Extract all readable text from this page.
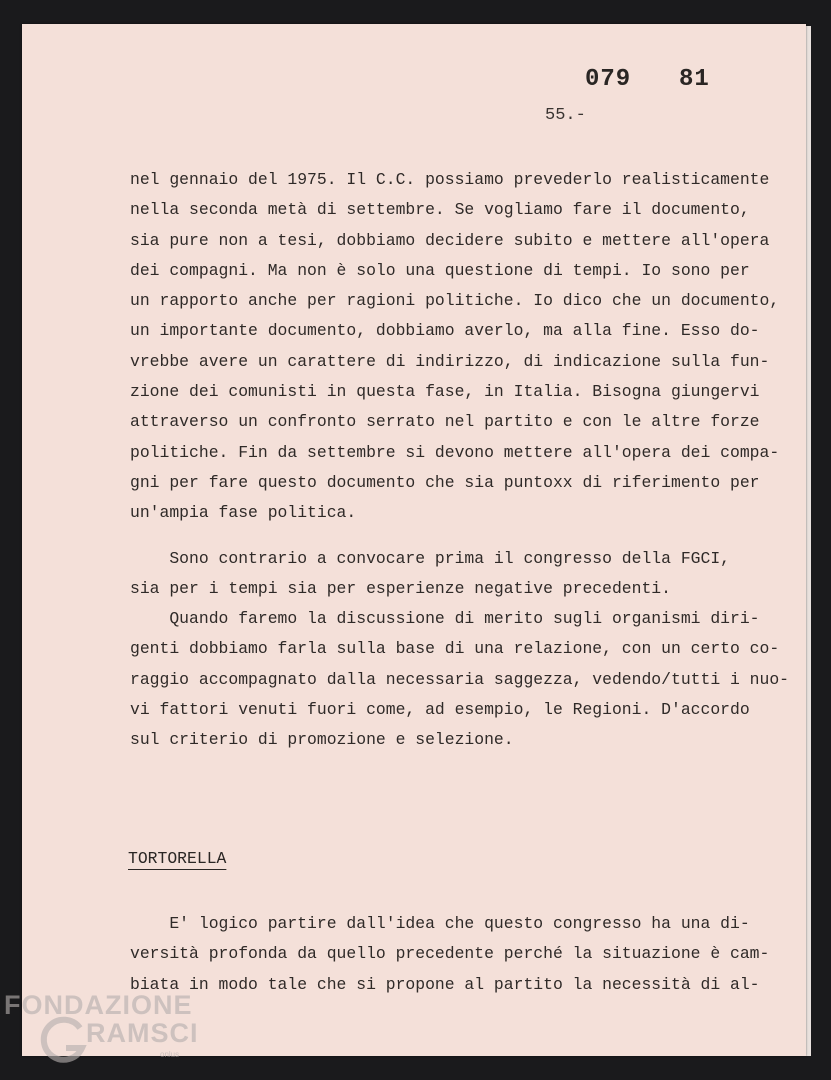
079 81
55.-

nel gennaio del 1975. Il C.C. possiamo prevederlo realisticamente
nella seconda metà di settembre. Se vogliamo fare il documento,
sia pure non a tesi, dobbiamo decidere subito e mettere all'opera
dei compagni. Ma non è solo una questione di tempi. Io sono per
un rapporto anche per ragioni politiche. Io dico che un documento,
un importante documento, dobbiamo averlo, ma alla fine. Esso do-
vrebbe avere un carattere di indirizzo, di indicazione sulla fun-
zione dei comunisti in questa fase, in Italia. Bisogna giungervi
attraverso un confronto serrato nel partito e con le altre forze
politiche. Fin da settembre si devono mettere all'opera dei compa-
gni per fare questo documento che sia puntoxx di riferimento per
un'ampia fase politica.

Sono contrario a convocare prima il congresso della FGCI,
sia per i tempi sia per esperienze negative precedenti.

Quando faremo la discussione di merito sugli organismi diri-
genti dobbiamo farla sulla base di una relazione, con un certo co-
raggio accompagnato dalla necessaria saggezza, vedendo/tutti i nuo-
vi fattori venuti fuori come, ad esempio, le Regioni. D'accordo
sul criterio di promozione e selezione.

TORTORELLA

E' logico partire dall'idea che questo congresso ha una di-
versità profonda da quello precedente perché la situazione è cam-
biata in modo tale che si propone al partito la necessità di al-

FONDAZIONE
RAMSCI
onlus
